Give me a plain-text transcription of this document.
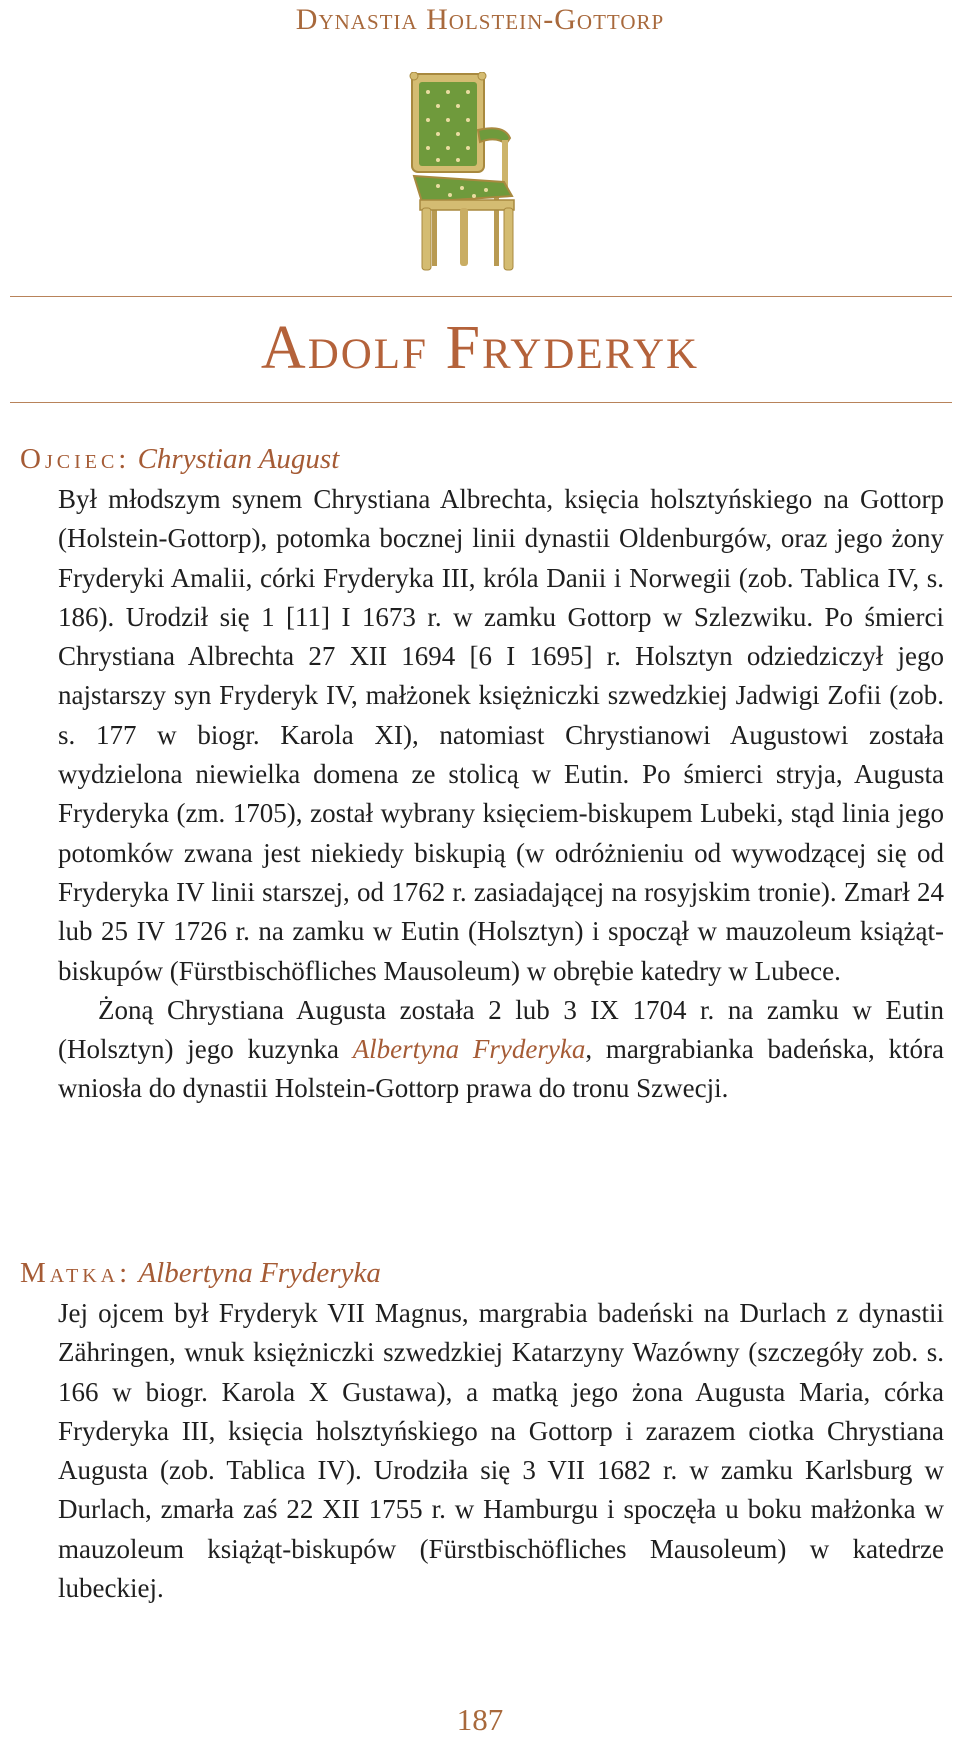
Dynastia Holstein-Gottorp
Adolf Fryderyk
Ojciec: Chrystian August

Był młodszym synem Chrystiana Albrechta, księcia holsztyńskiego na Gottorp (Holstein-Gottorp), potomka bocznej linii dynastii Oldenburgów, oraz jego żony Fryderyki Amalii, córki Fryderyka III, króla Danii i Norwegii (zob. Tablica IV, s. 186). Urodził się 1 [11] I 1673 r. w zamku Gottorp w Szlezwiku. Po śmierci Chrystiana Albrechta 27 XII 1694 [6 I 1695] r. Holsztyn odziedziczył jego najstarszy syn Fryderyk IV, małżonek księżniczki szwedzkiej Jadwigi Zofii (zob. s. 177 w biogr. Karola XI), natomiast Chrystianowi Augustowi została wydzielona niewielka domena ze stolicą w Eutin. Po śmierci stryja, Augusta Fryderyka (zm. 1705), został wybrany księciem-biskupem Lubeki, stąd linia jego potomków zwana jest niekiedy biskupią (w odróżnieniu od wywodzącej się od Fryderyka IV linii starszej, od 1762 r. zasiadającej na rosyjskim tronie). Zmarł 24 lub 25 IV 1726 r. na zamku w Eutin (Holsztyn) i spoczął w mauzoleum książąt-biskupów (Fürstbischöfliches Mausoleum) w obrębie katedry w Lubece.

Żoną Chrystiana Augusta została 2 lub 3 IX 1704 r. na zamku w Eutin (Holsztyn) jego kuzynka Albertyna Fryderyka, margrabianka badeńska, która wniosła do dynastii Holstein-Gottorp prawa do tronu Szwecji.

Matka: Albertyna Fryderyka

Jej ojcem był Fryderyk VII Magnus, margrabia badeński na Durlach z dynastii Zähringen, wnuk księżniczki szwedzkiej Katarzyny Wazówny (szczegóły zob. s. 166 w biogr. Karola X Gustawa), a matką jego żona Augusta Maria, córka Fryderyka III, księcia holsztyńskiego na Gottorp i zarazem ciotka Chrystiana Augusta (zob. Tablica IV). Urodziła się 3 VII 1682 r. w zamku Karlsburg w Durlach, zmarła zaś 22 XII 1755 r. w Hamburgu i spoczęła u boku małżonka w mauzoleum książąt-biskupów (Fürstbischöfliches Mausoleum) w katedrze lubeckiej.

187
